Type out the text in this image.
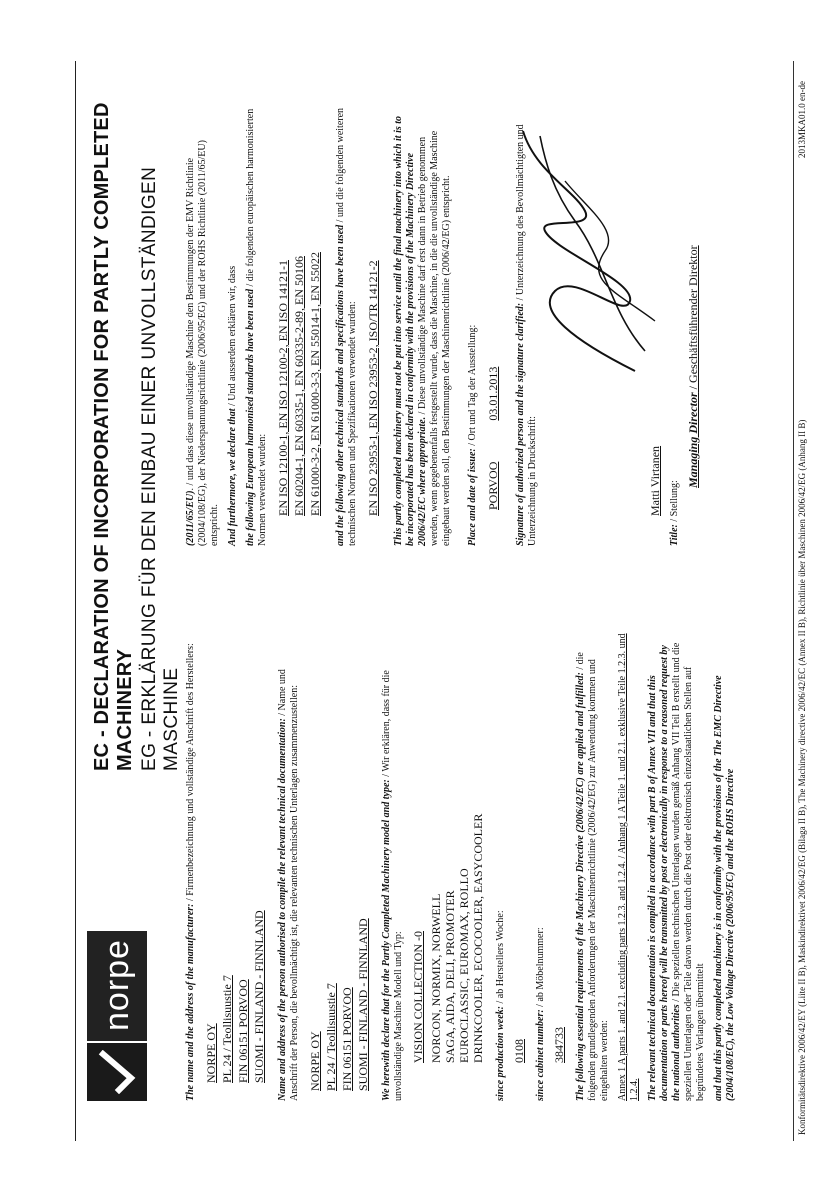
norpe
EC - DECLARATION OF INCORPORATION FOR PARTLY COMPLETED MACHINERY EG - ERKLÄRUNG FÜR DEN EINBAU EINER UNVOLLSTÄNDIGEN MASCHINE

The name and the address of the manufacturer: / Firmenbezeichnung und vollständige Anschrift des Herstellers:

NORPE OY PL 24 / Teollisuustie 7 FIN 06151 PORVOO SUOMI - FINLAND - FINNLAND Name and address of the person authorised to compile the relevant technical documentation: / Name und Anschrift der Person, die bevollmächtigt ist, die relevanten technischen Unterlagen zusammenzustellen: NORPE OY PL 24 / Teollisuustie 7 FIN 06151 PORVOO SUOMI - FINLAND - FINNLAND We herewith declare that for the Partly Completed Machinery model and type: / Wir erklären, dass für die unvollständige Maschine Modell und Typ: VISION COLLECTION -0 NORCON, NORMIX, NORWELL SAGA, AIDA, DELI, PROMOTER EUROCLASSIC, EUROMAX, ROLLO DRINKCOOLER, ECOCOOLER, EASYCOOLER since production week: / ab Herstellers Woche:

0108 since cabinet number: / ab Möbelnummer:

384733 The following essential requirements of the Machinery Directive (2006/42/EC) are applied and fulfilled: / die folgenden grundlegenden Anforderungen der Maschinenrichtlinie (2006/42/EG) zur Anwendung kommen und eingehalten werden: Annex 1 A parts 1. and 2.1. excluding parts 1.2.3. and 1.2.4. / Anhang 1 A Teile 1. und 2.1. exklusive Teile 1.2.3. und 1.2.4. The relevant technical documentation is compiled in accordance with part B of Annex VII and that this documentation or parts hereof will be transmitted by post or electronically in response to a reasoned request by the national authorities / Die speziellen technischen Unterlagen wurden gemäß Anhang VII Teil B erstellt und die speziellen Unterlagen oder Teile davon werden durch die Post oder elektronisch einzelstaatlichen Stellen auf begründetes Verlangen übermittelt and that this partly completed machinery is in conformity with the provisions of the The EMC Directive (2004/108/EC), the Low Voltage Directive (2006/95/EC) and the ROHS Directive

(2011/65/EU). / und dass diese unvollständige Maschine den Bestimmungen der EMV Richtlinie (2004/108/EG), der Niederspannungsrichtlinie (2006/95/EG) und der ROHS Richtlinie (2011/65/EU) entspricht. And furthermore, we declare that / Und ausserdem erklären wir, dass the following European harmonised standards have been used / die folgenden europäischen harmonisierten Normen verwendet wurden: EN ISO 12100-1, EN ISO 12100-2, EN ISO 14121-1 EN 60204-1, EN 60335-1, EN 60335-2-89, EN 50106 EN 61000-3-2, EN 61000-3-3, EN 55014-1, EN 55022 and the following other technical standards and specifications have been used / und die folgenden weiteren technischen Normen und Spezifikationen verwendet wurden: EN ISO 23953-1, EN ISO 23953-2, ISO/TR 14121-2 This partly completed machinery must not be put into service until the final machinery into which it is to be incorporated has been declared in conformity with the provisions of the Machinery Directive 2006/42/EC where appropriate. / Diese unvollständige Maschine darf erst dann in Betrieb genommen werden, wenn gegebenenfalls festgestellt wurde, dass die Maschine, in die die unvollständige Maschine eingebaut werden soll, den Bestimmungen der Maschinenrichtlinie (2006/42/EG) entspricht. Place and date of issue: / Ort und Tag der Ausstellung:

PORVOO 03.01.2013 Signature of authorized person and the signature clarified: / Unterzeichnung des Bevollmächtigten und Unterzeichnung in Druckschrift:	Matti Virtanen

Title: / Stellung:

Managing Director / Geschäftsführender Direktor
Konformitätsdirektive 2006/42/EY (Liite II B), Maskindirektivet 2006/42/EG (Bilaga II B), The Machinery directive 2006/42/EC (Annex II B), Richtlinie über Maschinen 2006/42/EG (Anhang II B)
2013MKA01.0 en-de
